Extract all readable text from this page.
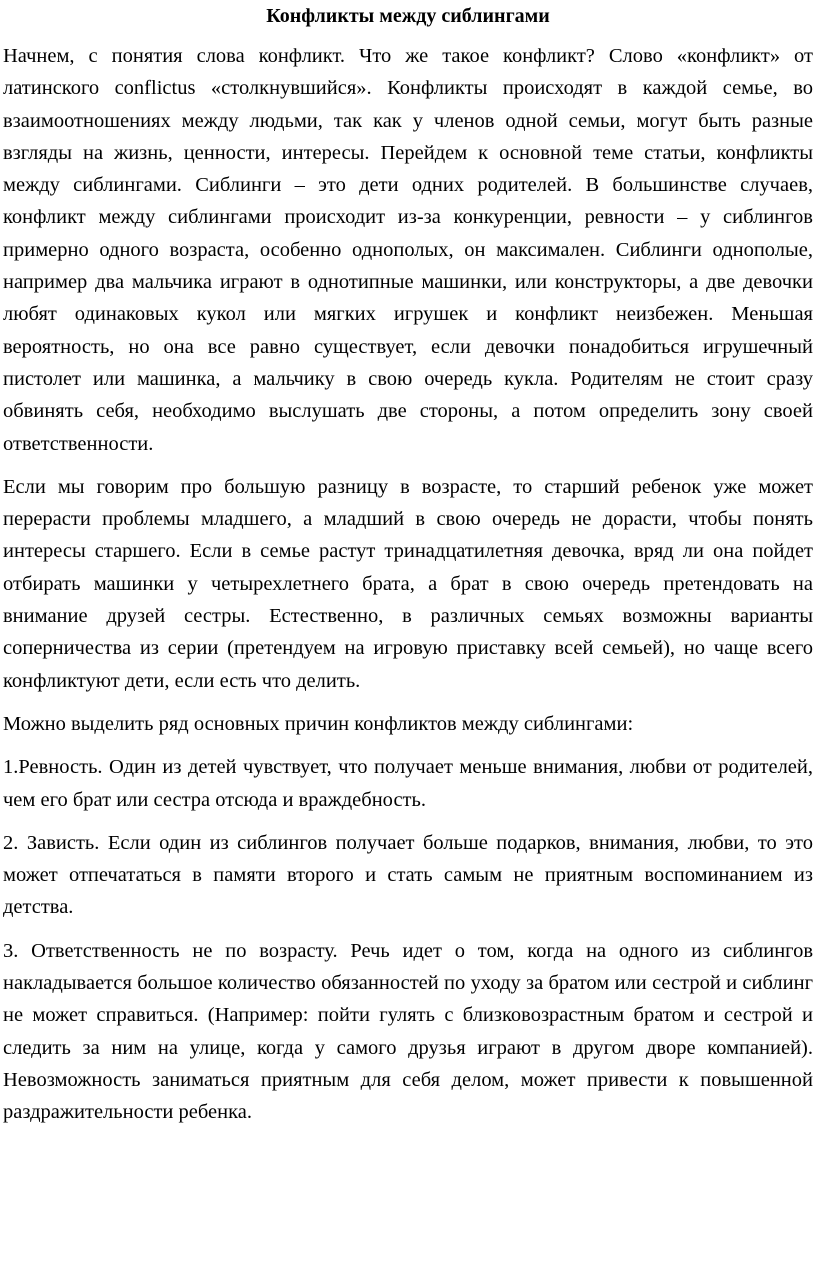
Конфликты между сиблингами

Начнем, с понятия слова конфликт. Что же такое конфликт? Слово «конфликт» от латинского conflictus «столкнувшийся». Конфликты происходят в каждой семье, во взаимоотношениях между людьми, так как у членов одной семьи, могут быть разные взгляды на жизнь, ценности, интересы. Перейдем к основной теме статьи, конфликты между сиблингами. Сиблинги – это дети одних родителей. В большинстве случаев, конфликт между сиблингами происходит из-за конкуренции, ревности – у сиблингов примерно одного возраста, особенно однополых, он максимален. Сиблинги однополые, например два мальчика играют в однотипные машинки, или конструкторы, а две девочки любят одинаковых кукол или мягких игрушек и конфликт неизбежен. Меньшая вероятность, но она все равно существует, если девочки понадобиться игрушечный пистолет или машинка, а мальчику в свою очередь кукла. Родителям не стоит сразу обвинять себя, необходимо выслушать две стороны, а потом определить зону своей ответственности.

Если мы говорим про большую разницу в возрасте, то старший ребенок уже может перерасти проблемы младшего, а младший в свою очередь не дорасти, чтобы понять интересы старшего. Если в семье растут тринадцатилетняя девочка, вряд ли она пойдет отбирать машинки у четырехлетнего брата, а брат в свою очередь претендовать на внимание друзей сестры. Естественно, в различных семьях возможны варианты соперничества из серии (претендуем на игровую приставку всей семьей), но чаще всего конфликтуют дети, если есть что делить.

Можно выделить ряд основных причин конфликтов между сиблингами:

1.Ревность. Один из детей чувствует, что получает меньше внимания, любви от родителей, чем его брат или сестра отсюда и враждебность.

2. Зависть. Если один из сиблингов получает больше подарков, внимания, любви, то это может отпечататься в памяти второго и стать самым не приятным воспоминанием из детства.

3. Ответственность не по возрасту. Речь идет о том, когда на одного из сиблингов накладывается большое количество обязанностей по уходу за братом или сестрой и сиблинг не может справиться. (Например: пойти гулять с близковозрастным братом и сестрой и следить за ним на улице, когда у самого друзья играют в другом дворе компанией). Невозможность заниматься приятным для себя делом, может привести к повышенной раздражительности ребенка.
